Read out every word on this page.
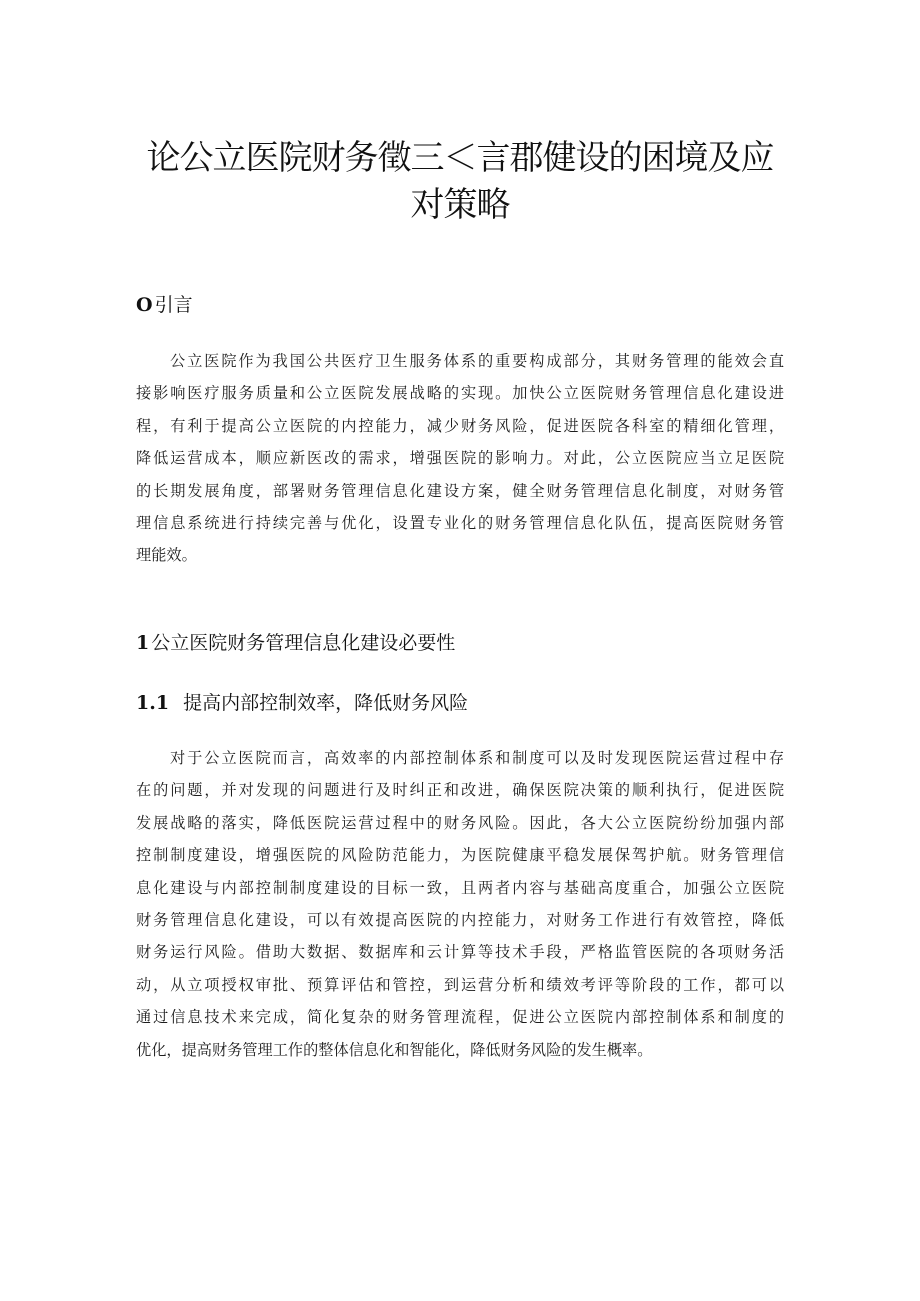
论公立医院财务徵三＜言郡健设的困境及应
对策略
O 引言
公立医院作为我国公共医疗卫生服务体系的重要构成部分，其财务管理的能效会直
接影响医疗服务质量和公立医院发展战略的实现。加快公立医院财务管理信息化建设进
程，有利于提高公立医院的内控能力，减少财务风险，促进医院各科室的精细化管理，
降低运营成本，顺应新医改的需求，增强医院的影响力。对此，公立医院应当立足医院
的长期发展角度，部署财务管理信息化建设方案，健全财务管理信息化制度，对财务管
理信息系统进行持续完善与优化，设置专业化的财务管理信息化队伍，提高医院财务管
理能效。
1 公立医院财务管理信息化建设必要性
1.1 提高内部控制效率，降低财务风险
对于公立医院而言，高效率的内部控制体系和制度可以及时发现医院运营过程中存
在的问题，并对发现的问题进行及时纠正和改进，确保医院决策的顺利执行，促进医院
发展战略的落实，降低医院运营过程中的财务风险。因此，各大公立医院纷纷加强内部
控制制度建设，增强医院的风险防范能力，为医院健康平稳发展保驾护航。财务管理信
息化建设与内部控制制度建设的目标一致，且两者内容与基础高度重合，加强公立医院
财务管理信息化建设，可以有效提高医院的内控能力，对财务工作进行有效管控，降低
财务运行风险。借助大数据、数据库和云计算等技术手段，严格监管医院的各项财务活
动，从立项授权审批、预算评估和管控，到运营分析和绩效考评等阶段的工作，都可以
通过信息技术来完成，简化复杂的财务管理流程，促进公立医院内部控制体系和制度的
优化，提高财务管理工作的整体信息化和智能化，降低财务风险的发生概率。
